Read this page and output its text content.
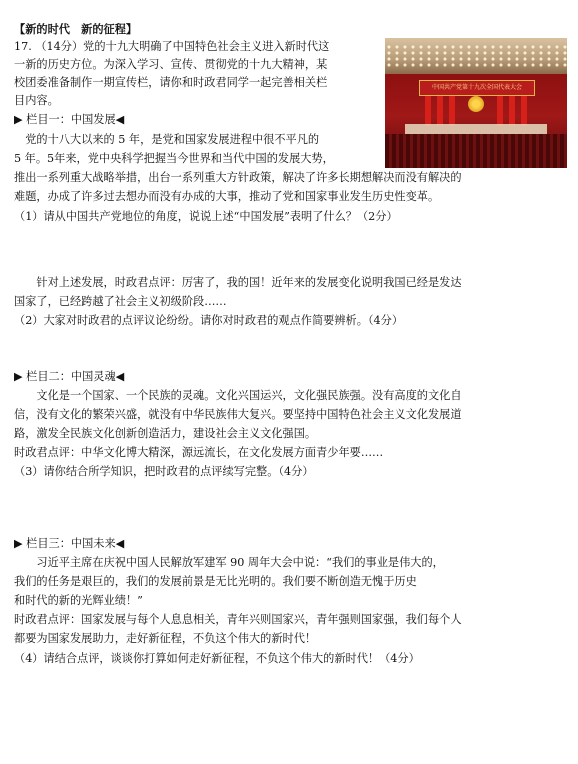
【新的时代　新的征程】
中国共产党第十九次全国代表大会
17. （14分）党的十九大明确了中国特色社会主义进入新时代这
一新的历史方位。为深入学习、宣传、贯彻党的十九大精神，某
校团委准备制作一期宣传栏，请你和时政君同学一起完善相关栏
目内容。
▶ 栏目一：中国发展◀
　党的十八大以来的 5 年，是党和国家发展进程中很不平凡的
5 年。5年来，党中央科学把握当今世界和当代中国的发展大势，
推出一系列重大战略举措，出台一系列重大方针政策，解决了许多长期想解决而没有解决的
难题，办成了许多过去想办而没有办成的大事，推动了党和国家事业发生历史性变革。
（1）请从中国共产党地位的角度，说说上述“中国发展”表明了什么？（2分）
　　针对上述发展，时政君点评：厉害了，我的国！近年来的发展变化说明我国已经是发达
国家了，已经跨越了社会主义初级阶段……
（2）大家对时政君的点评议论纷纷。请你对时政君的观点作简要辨析。（4分）
▶ 栏目二：中国灵魂◀
　　文化是一个国家、一个民族的灵魂。文化兴国运兴，文化强民族强。没有高度的文化自
信，没有文化的繁荣兴盛，就没有中华民族伟大复兴。要坚持中国特色社会主义文化发展道
路，激发全民族文化创新创造活力，建设社会主义文化强国。
时政君点评：中华文化博大精深，源远流长，在文化发展方面青少年要……
（3）请你结合所学知识，把时政君的点评续写完整。（4分）
▶ 栏目三：中国未来◀
　　习近平主席在庆祝中国人民解放军建军 90 周年大会中说：“我们的事业是伟大的，
我们的任务是艰巨的，我们的发展前景是无比光明的。我们要不断创造无愧于历史
和时代的新的光辉业绩！”
时政君点评：国家发展与每个人息息相关，青年兴则国家兴，青年强则国家强，我们每个人
都要为国家发展助力，走好新征程，不负这个伟大的新时代！
（4）请结合点评，谈谈你打算如何走好新征程，不负这个伟大的新时代！（4分）
